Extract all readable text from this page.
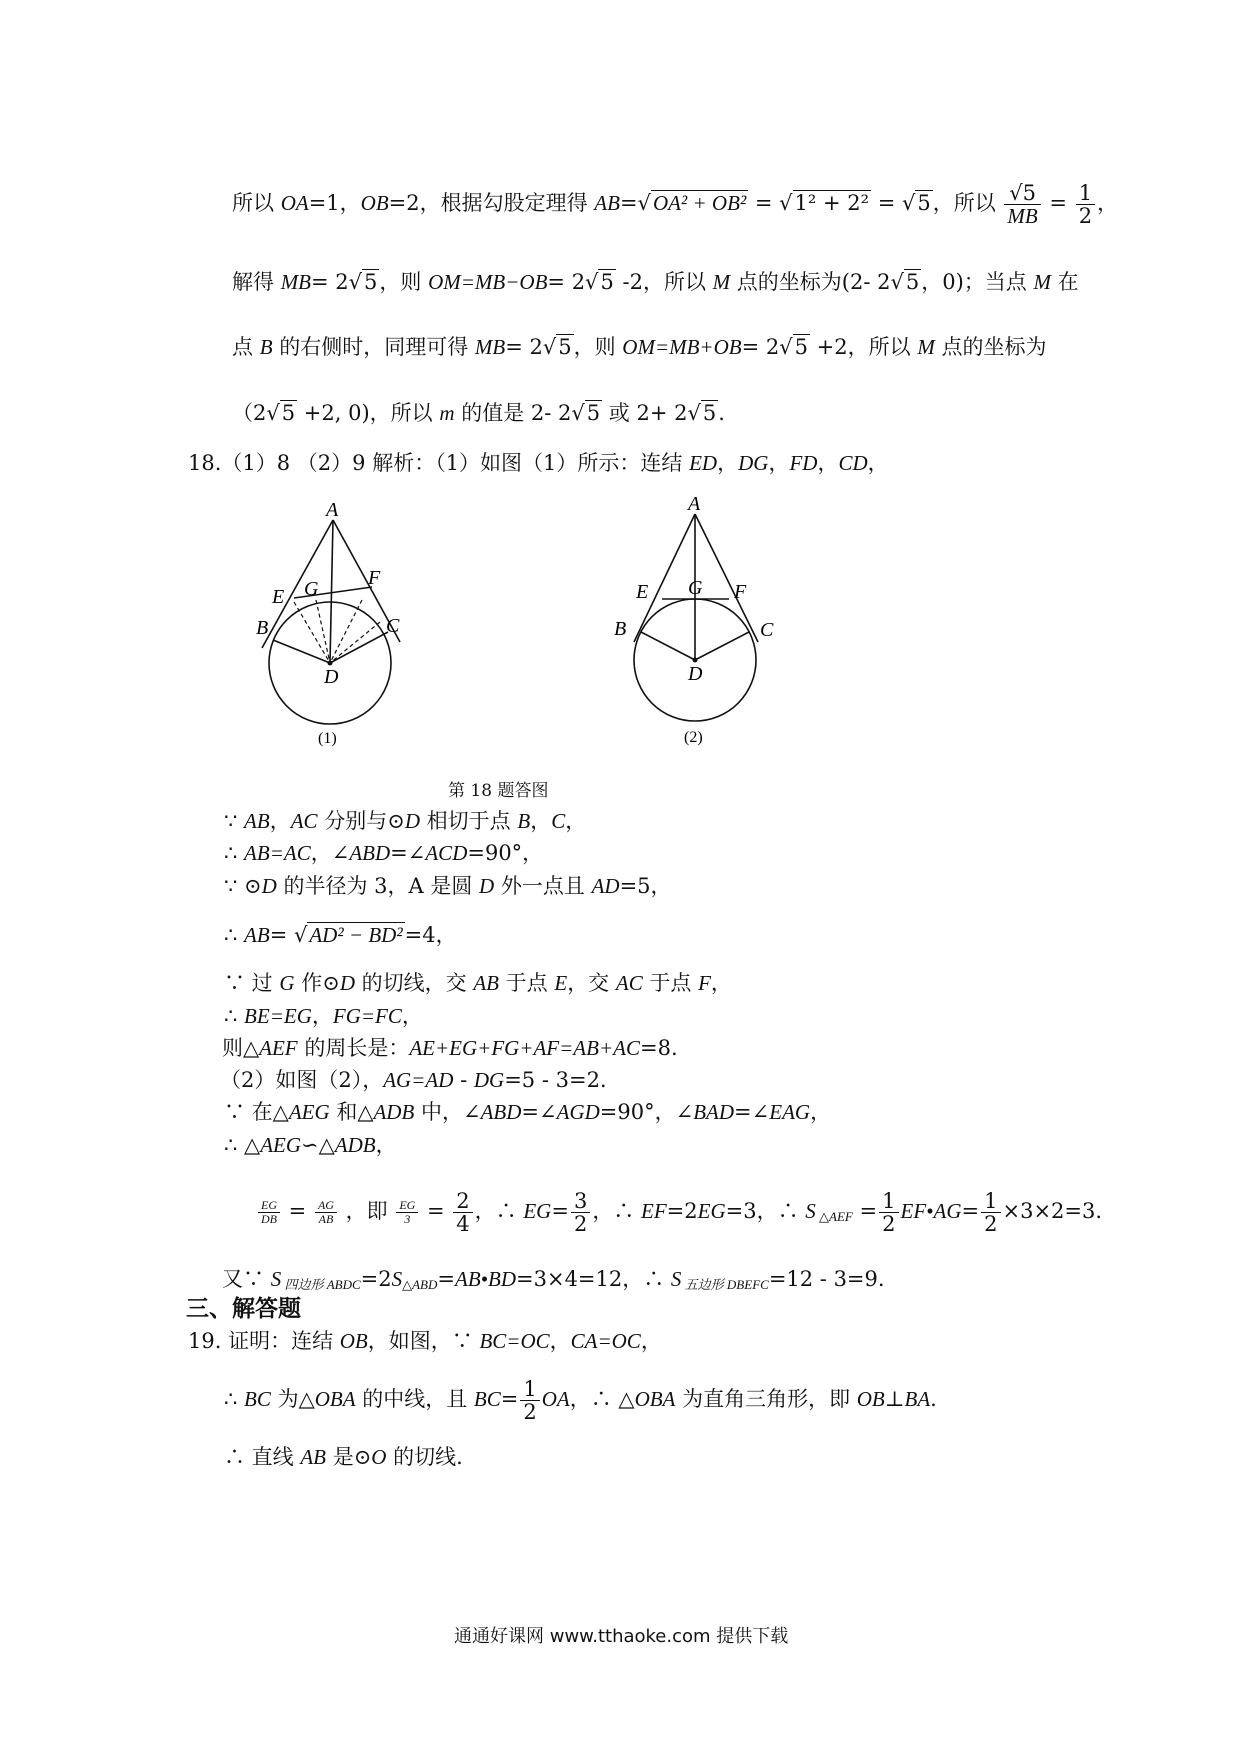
所以 OA=1，OB=2，根据勾股定理得 AB=√OA² + OB² = √1² + 2² = √5，所以 $\frac{√5}{MB} = \frac{1}{2}$ ，
解得 MB= 2√5，则 OM=MB−OB= 2√5 -2，所以 M 点的坐标为(2- 2√5，0)；当点 M 在
点 B 的右侧时，同理可得 MB= 2√5，则 OM=MB+OB= 2√5 +2，所以 M 点的坐标为
（2√5 +2, 0)，所以 m 的值是 2- 2√5 或 2+ 2√5.
18.（1）8 （2）9 解析：（1）如图（1）所示：连结 ED，DG，FD，CD，
A
E G F
B	C
D
(1)
A
E G F
B	C
D
(2)
第 18 题答图
∵ AB，AC 分别与⊙D 相切于点 B，C，
∴ AB=AC，∠ABD=∠ACD=90°，
∵ ⊙D 的半径为 3，A 是圆 D 外一点且 AD=5，
∴ AB= √AD² − BD²=4，
∵ 过 G 作⊙D 的切线，交 AB 于点 E，交 AC 于点 F，
∴ BE=EG，FG=FC，
则△AEF 的周长是：AE+EG+FG+AF=AB+AC=8.
（2）如图（2），AG=AD - DG=5 - 3=2.
∵ 在△AEG 和△ADB 中，∠ABD=∠AGD=90°，∠BAD=∠EAG，
∴ △AEG∽△ADB，
$\frac{EG}{DB} = \frac{AG}{AB}$ ，即 $\frac{EG}{3} = \frac{2}{4}$ ，∴ $EG= \frac{3}{2}$ ，∴ EF=2EG=3，∴ S $_{\triangle AEF} = \frac{1}{2}$ EF•AG= $\frac{1}{2} \times 3\times 2=3$.
又∵ S $_{四边形 ABDC}=2S_{\triangle ABD}=AB•BD=3\times 4=12$，∴ S $_{五边形 DBEFC}$=12 - 3=9.
三、解答题
19. 证明：连结 OB，如图，∵ BC=OC，CA=OC，
∴ BC 为△OBA 的中线，且 $BC= \frac{1}{2}$ OA，∴ △OBA 为直角三角形，即 OB⊥BA.
∴ 直线 AB 是⊙O 的切线.
通通好课网 www.tthaoke.com 提供下载
